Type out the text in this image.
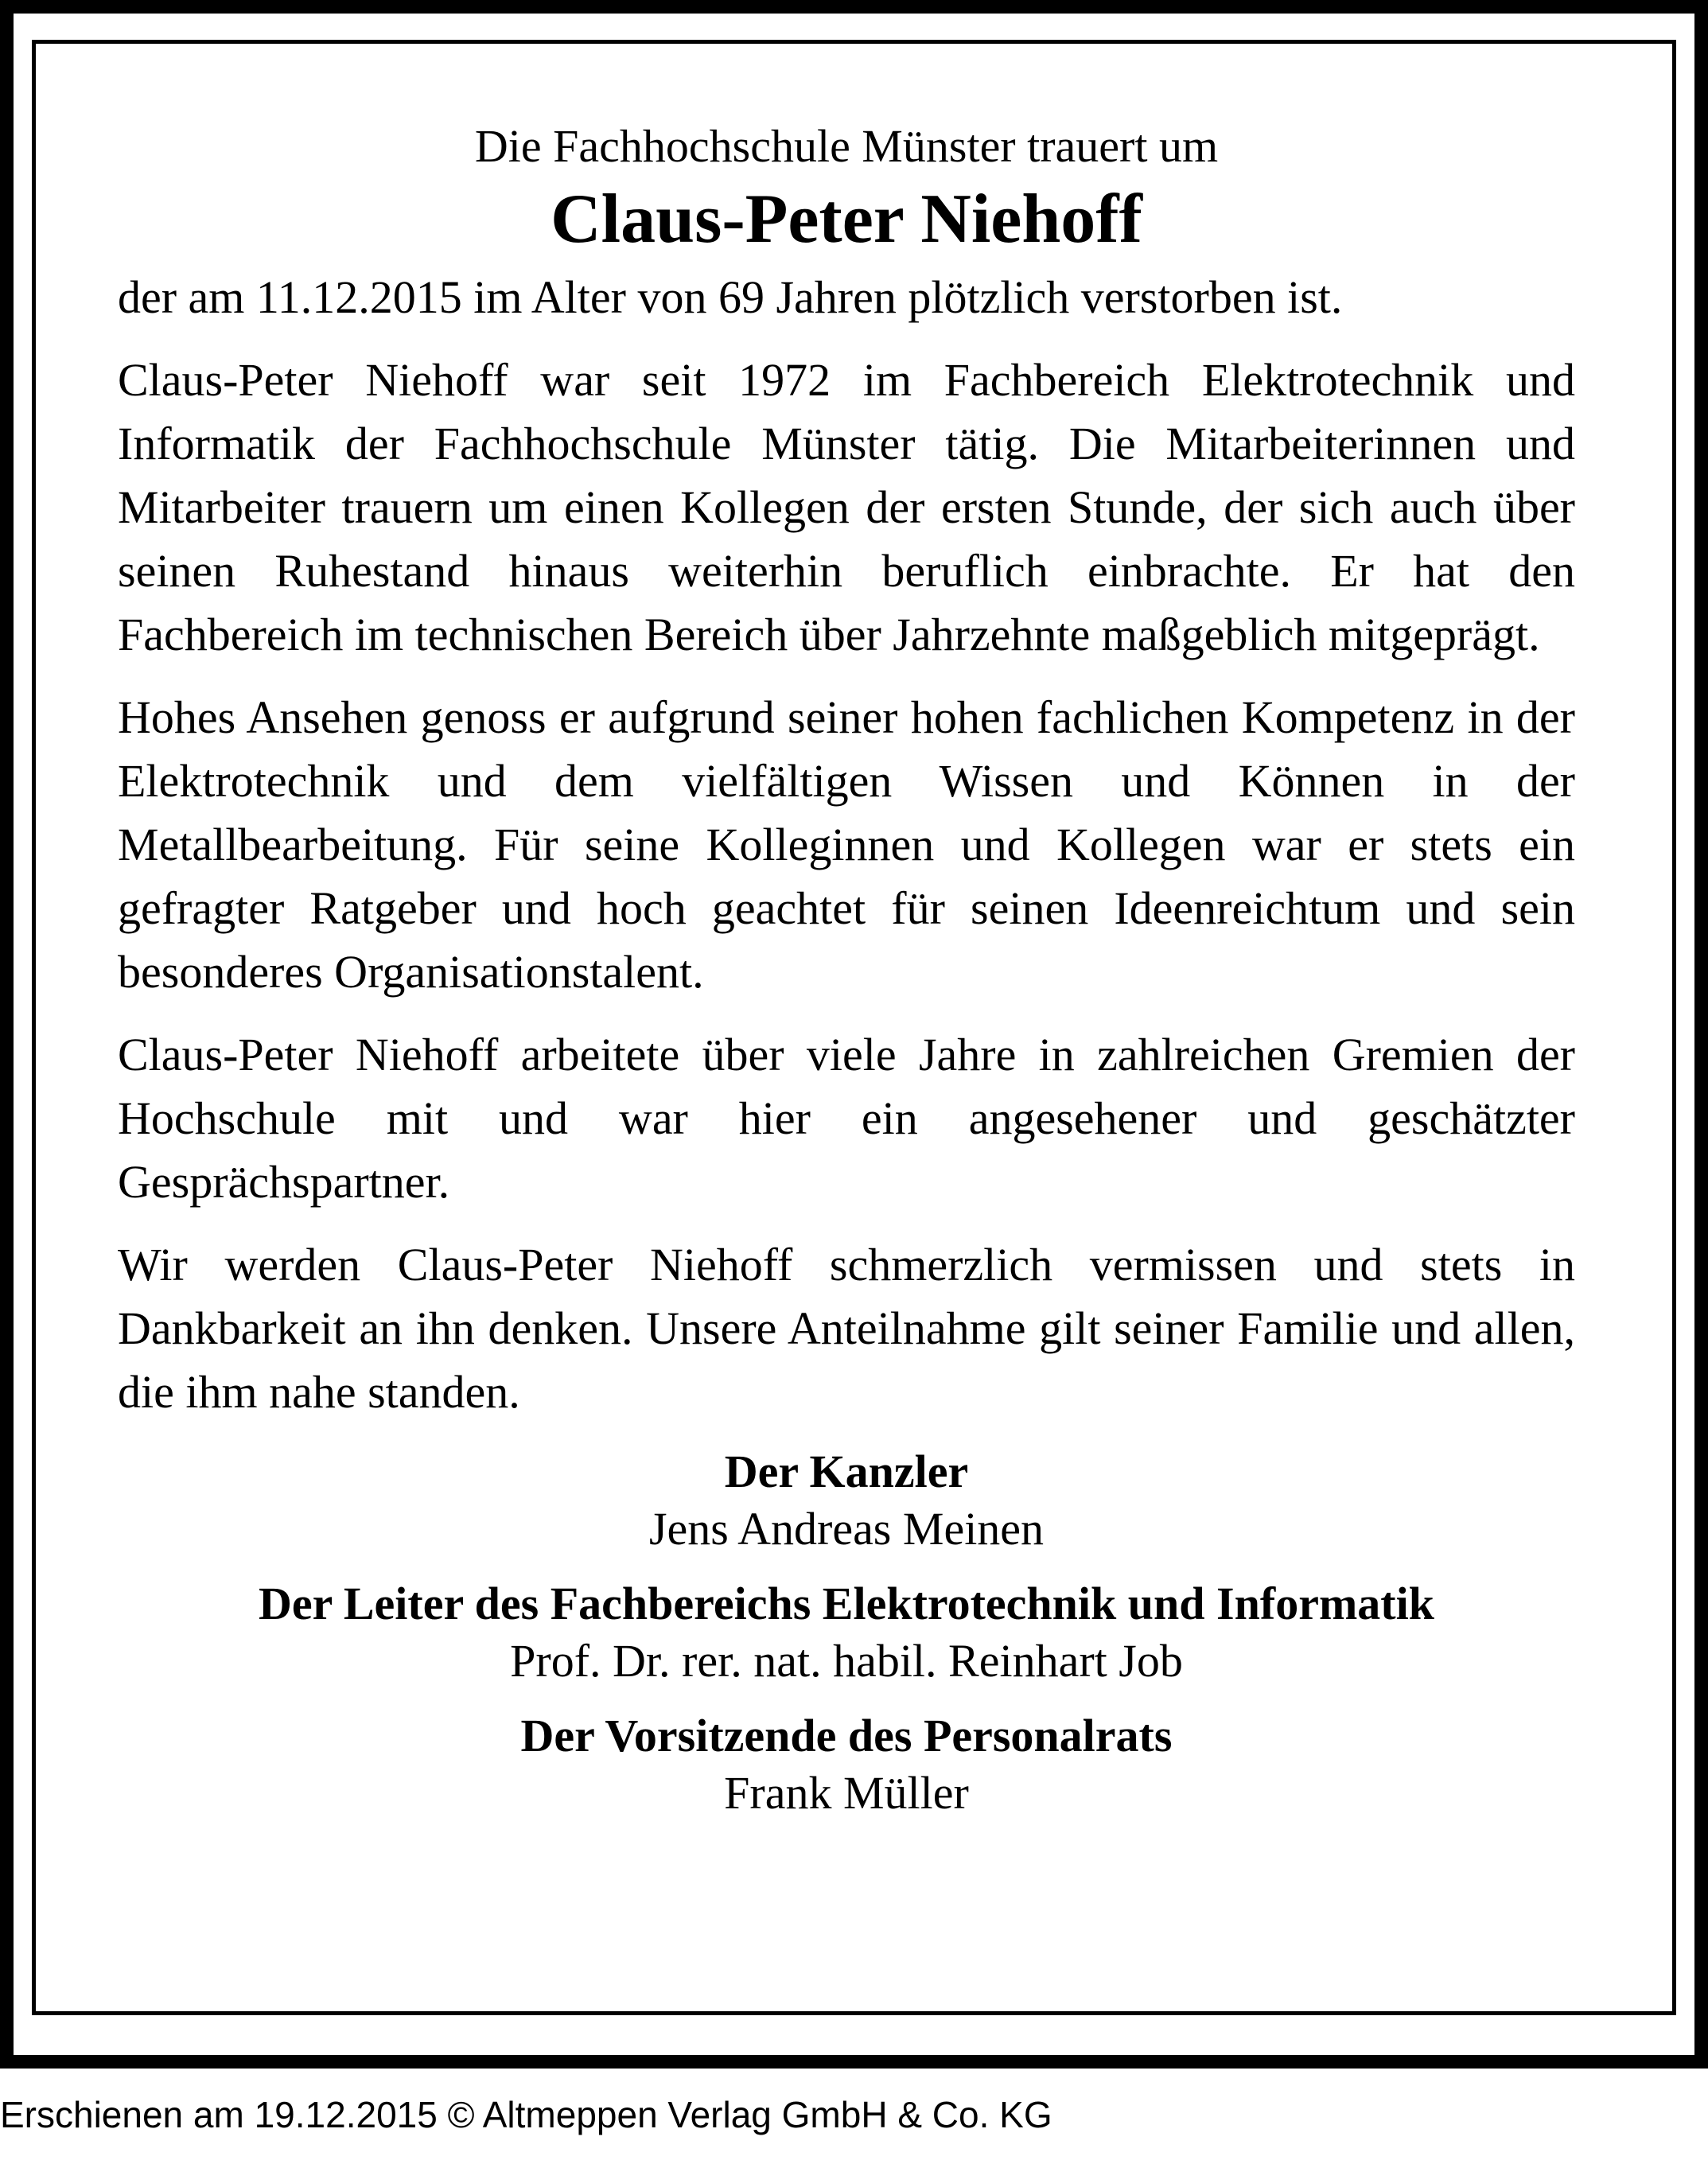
Die Fachhochschule Münster trauert um

Claus-Peter Niehoff

der am 11.12.2015 im Alter von 69 Jahren plötzlich verstorben ist.

Claus-Peter Niehoff war seit 1972 im Fachbereich Elektrotechnik und Informatik der Fachhochschule Münster tätig. Die Mitarbeiterinnen und Mitarbeiter trauern um einen Kollegen der ersten Stunde, der sich auch über seinen Ruhestand hinaus weiterhin beruflich einbrachte. Er hat den Fachbereich im technischen Bereich über Jahrzehnte maßgeblich mitgeprägt.

Hohes Ansehen genoss er aufgrund seiner hohen fachlichen Kompetenz in der Elektrotechnik und dem vielfältigen Wissen und Können in der Metallbearbeitung. Für seine Kolleginnen und Kollegen war er stets ein gefragter Ratgeber und hoch geachtet für seinen Ideenreichtum und sein besonderes Organisationstalent.

Claus-Peter Niehoff arbeitete über viele Jahre in zahlreichen Gremien der Hochschule mit und war hier ein angesehener und geschätzter Gesprächspartner.

Wir werden Claus-Peter Niehoff schmerzlich vermissen und stets in Dankbarkeit an ihn denken. Unsere Anteilnahme gilt seiner Familie und allen, die ihm nahe standen.

Der Kanzler
Jens Andreas Meinen
Der Leiter des Fachbereichs Elektrotechnik und Informatik
Prof. Dr. rer. nat. habil. Reinhart Job
Der Vorsitzende des Personalrats
Frank Müller
Erschienen am 19.12.2015 © Altmeppen Verlag GmbH & Co. KG
